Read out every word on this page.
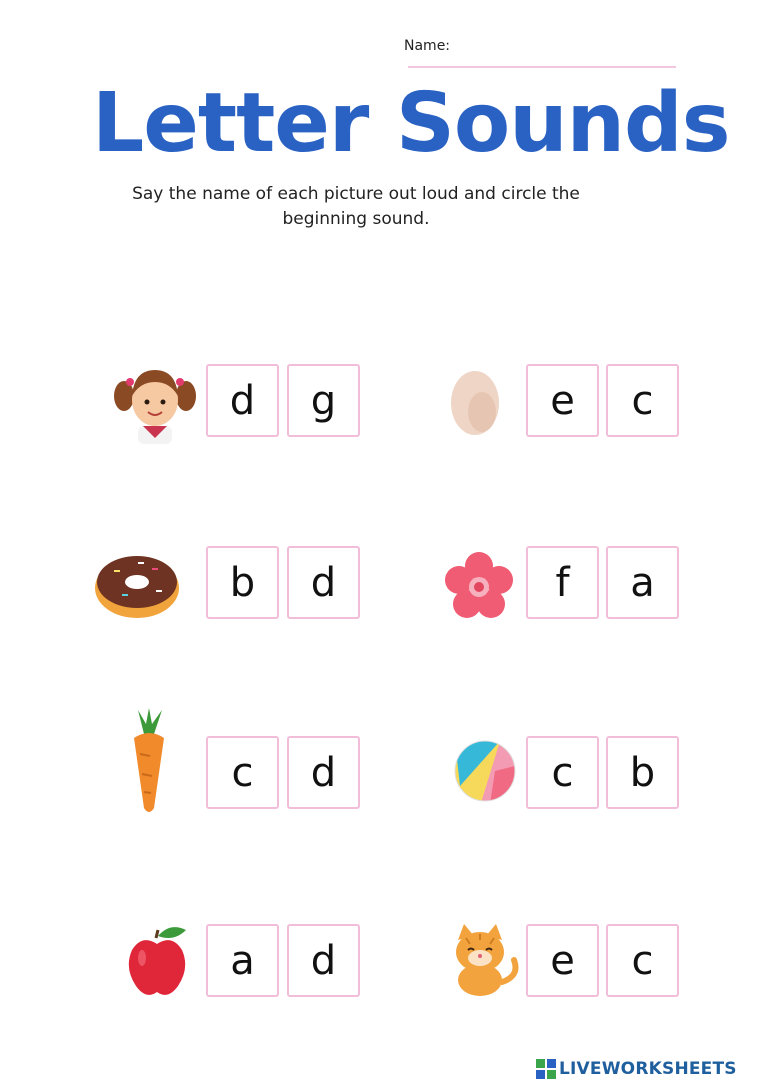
Name:
Letter Sounds
Say the name of each picture out loud and circle the beginning sound.
d	g	e	c
b	d	f	a
c	d	c	b
a	d	e	c
LIVEWORKSHEETS
